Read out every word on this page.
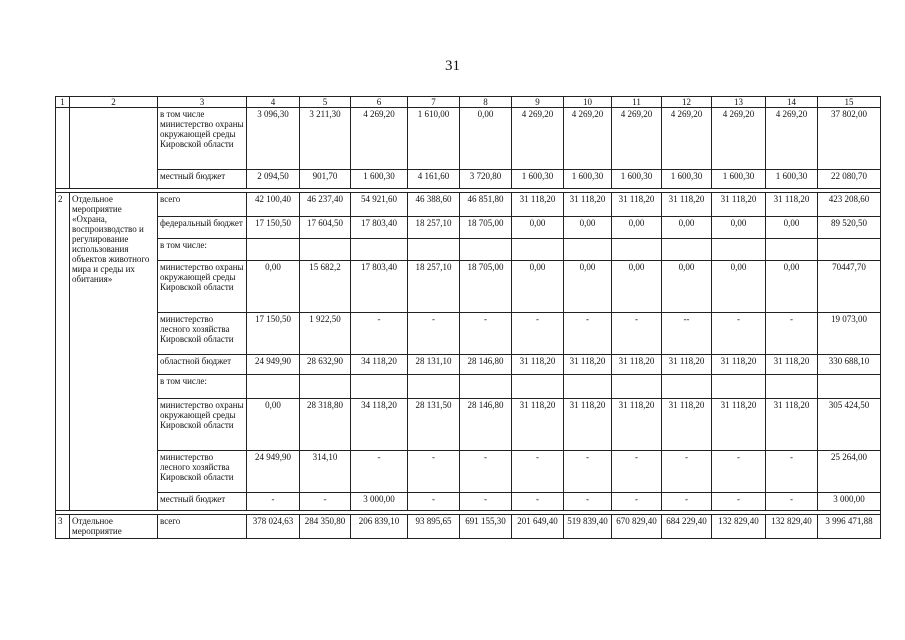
31
1	2	3	4	5	6	7	8	9	10	11	12	13	14	15
		в том числе министерство охраны окружающей среды Кировской области	3 096,30	3 211,30	4 269,20	1 610,00	0,00	4 269,20	4 269,20	4 269,20	4 269,20	4 269,20	4 269,20	37 802,00
		местный бюджет	2 094,50	901,70	1 600,30	4 161,60	3 720,80	1 600,30	1 600,30	1 600,30	1 600,30	1 600,30	1 600,30	22 080,70

2	Отдельное мероприятие «Охрана, воспроизводство и регулирование использования объектов животного мира и среды их обитания»	всего	42 100,40	46 237,40	54 921,60	46 388,60	46 851,80	31 118,20	31 118,20	31 118,20	31 118,20	31 118,20	31 118,20	423 208,60
		федеральный бюджет	17 150,50	17 604,50	17 803,40	18 257,10	18 705,00	0,00	0,00	0,00	0,00	0,00	0,00	89 520,50
		в том числе:												
		министерство охраны окружающей среды Кировской области	0,00	15 682,2	17 803,40	18 257,10	18 705,00	0,00	0,00	0,00	0,00	0,00	0,00	70447,70
		министерство лесного хозяйства Кировской области	17 150,50	1 922,50	-	-	-	-	-	-	--	-	-	19 073,00
		областной бюджет	24 949,90	28 632,90	34 118,20	28 131,10	28 146,80	31 118,20	31 118,20	31 118,20	31 118,20	31 118,20	31 118,20	330 688,10
		в том числе:												
		министерство охраны окружающей среды Кировской области	0,00	28 318,80	34 118,20	28 131,50	28 146,80	31 118,20	31 118,20	31 118,20	31 118,20	31 118,20	31 118,20	305 424,50
		министерство лесного хозяйства Кировской области	24 949,90	314,10	-	-	-	-	-	-	-	-	-	25 264,00
		местный бюджет	-	-	3 000,00	-	-	-	-	-	-	-	-	3 000,00

3	Отдельное мероприятие	всего	378 024,63	284 350,80	206 839,10	93 895,65	691 155,30	201 649,40	519 839,40	670 829,40	684 229,40	132 829,40	132 829,40	3 996 471,88
